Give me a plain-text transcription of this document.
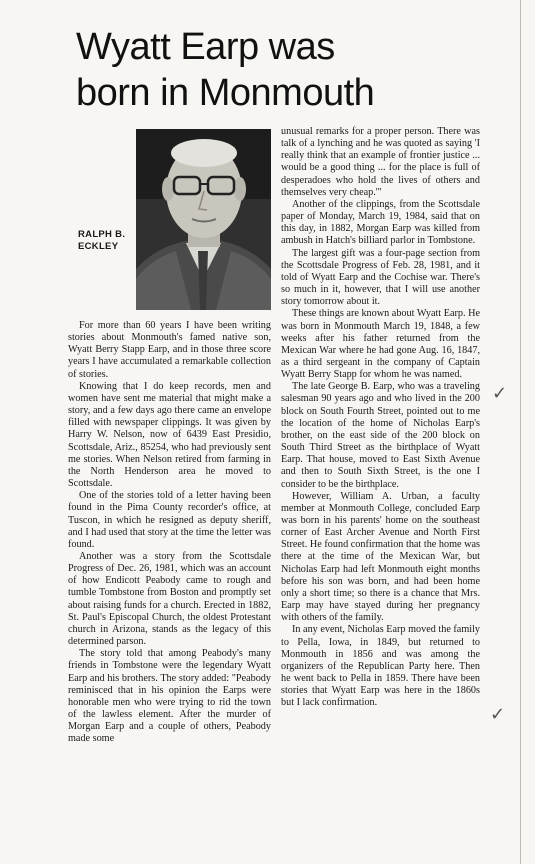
Wyatt Earp was
born in Monmouth
RALPH B.
ECKLEY

For more than 60 years I have been writing stories about Monmouth's famed native son, Wyatt Berry Stapp Earp, and in those three score years I have accumulated a remarkable collection of stories.

Knowing that I do keep records, men and women have sent me material that might make a story, and a few days ago there came an envelope filled with newspaper clippings. It was given by Harry W. Nelson, now of 6439 East Presidio, Scottsdale, Ariz., 85254, who had previously sent me stories. When Nelson retired from farming in the North Henderson area he moved to Scottsdale.

One of the stories told of a letter having been found in the Pima County recorder's office, at Tuscon, in which he resigned as deputy sheriff, and I had used that story at the time the letter was found.

Another was a story from the Scottsdale Progress of Dec. 26, 1981, which was an account of how Endicott Peabody came to rough and tumble Tombstone from Boston and promptly set about raising funds for a church. Erected in 1882, St. Paul's Episcopal Church, the oldest Protestant church in Arizona, stands as the legacy of this determined parson.

The story told that among Peabody's many friends in Tombstone were the legendary Wyatt Earp and his brothers. The story added: "Peabody reminisced that in his opinion the Earps were honorable men who were trying to rid the town of the lawless element. After the murder of Morgan Earp and a couple of others, Peabody made some

unusual remarks for a proper person. There was talk of a lynching and he was quoted as saying 'I really think that an example of frontier justice ... would be a good thing ... for the place is full of desperadoes who hold the lives of others and themselves very cheap.'"

Another of the clippings, from the Scottsdale paper of Monday, March 19, 1984, said that on this day, in 1882, Morgan Earp was killed from ambush in Hatch's billiard parlor in Tombstone.

The largest gift was a four-page section from the Scottsdale Progress of Feb. 28, 1981, and it told of Wyatt Earp and the Cochise war. There's so much in it, however, that I will use another story tomorrow about it.

These things are known about Wyatt Earp. He was born in Monmouth March 19, 1848, a few weeks after his father returned from the Mexican War where he had gone Aug. 16, 1847, as a third sergeant in the company of Captain Wyatt Berry Stapp for whom he was named.

The late George B. Earp, who was a traveling salesman 90 years ago and who lived in the 200 block on South Fourth Street, pointed out to me the location of the home of Nicholas Earp's brother, on the east side of the 200 block on South Third Street as the birthplace of Wyatt Earp. That house, moved to East Sixth Avenue and then to South Sixth Street, is the one I consider to be the birthplace.

However, William A. Urban, a faculty member at Monmouth College, concluded Earp was born in his parents' home on the southeast corner of East Archer Avenue and North First Street. He found confirmation that the home was there at the time of the Mexican War, but Nicholas Earp had left Monmouth eight months before his son was born, and had been home only a short time; so there is a chance that Mrs. Earp may have stayed during her pregnancy with others of the family.

In any event, Nicholas Earp moved the family to Pella, Iowa, in 1849, but returned to Monmouth in 1856 and was among the organizers of the Republican Party here. Then he went back to Pella in 1859. There have been stories that Wyatt Earp was here in the 1860s but I lack confirmation.

✓
✓
